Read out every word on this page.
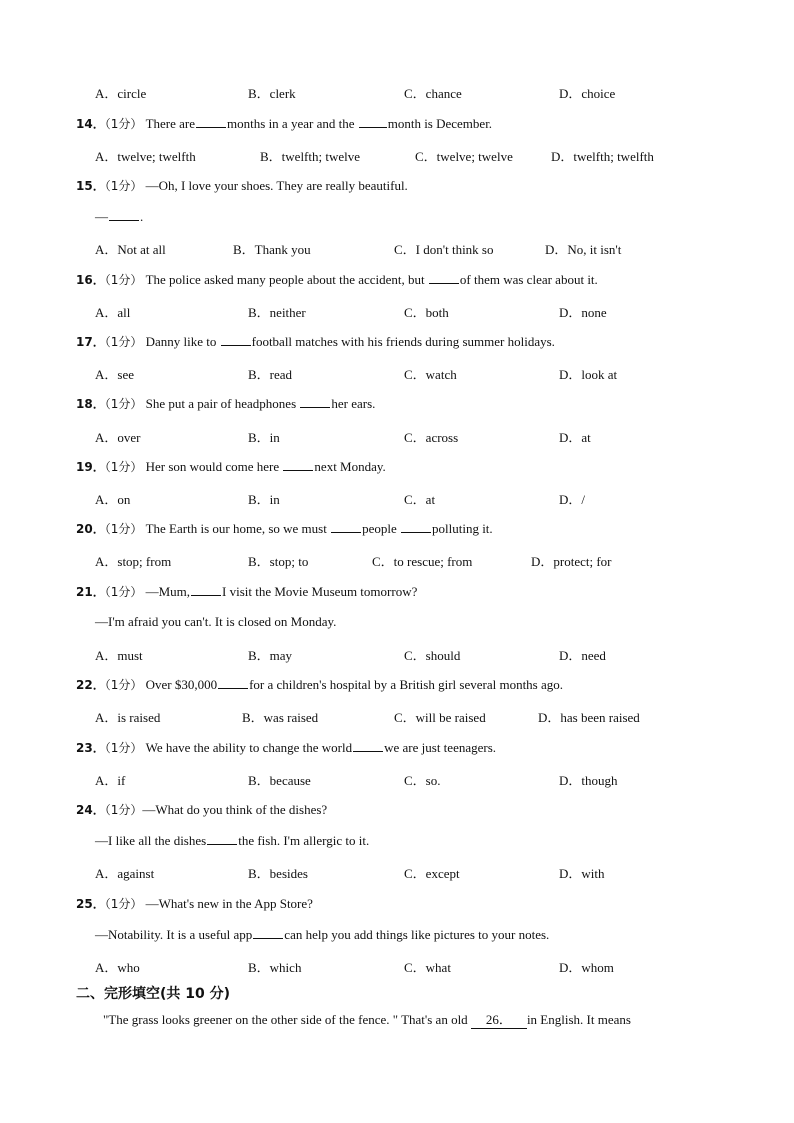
A．circle	B．clerk	C．chance	D．choice
14．（1分） There are months in a year and the	month is December.
A．twelve; twelfth	B．twelfth; twelve	C．twelve; twelve	D．twelfth; twelfth
15．（1分） —Oh, I love your shoes. They are really beautiful.
— .
A．Not at all	B．Thank you	C．I don't think so	D．No, it isn't
16．（1分） The police asked many people about the accident, but	of them was clear about it.
A．all	B．neither	C．both	D．none
17．（1分） Danny like to	football matches with his friends during summer holidays.
A．see	B．read	C．watch	D．look at
18．（1分） She put a pair of headphones	her ears.
A．over	B．in	C．across	D．at
19．（1分） Her son would come here	next Monday.
A．on	B．in	C．at	D．/
20．（1分） The Earth is our home, so we must	people	polluting it.
A．stop; from	B．stop; to	C．to rescue; from	D．protect; for
21．（1分） —Mum, I visit the Movie Museum tomorrow?
—I'm afraid you can't. It is closed on Monday.
A．must	B．may	C．should	D．need
22．（1分） Over $30,000 for a children's hospital by a British girl several months ago.
A．is raised	B．was raised	C．will be raised	D．has been raised
23．（1分） We have the ability to change the world we are just teenagers.
A．if	B．because	C．so.	D．though
24．（1分）—What do you think of the dishes?
—I like all the dishes the fish. I'm allergic to it.
A．against	B．besides	C．except	D．with
25．（1分） —What's new in the App Store?
—Notability. It is a useful app can help you add things like pictures to your notes.
A．who	B．which	C．what	D．whom
二、完形填空(共 10 分)
"The grass looks greener on the other side of the fence. " That's an old 26． in English. It means
